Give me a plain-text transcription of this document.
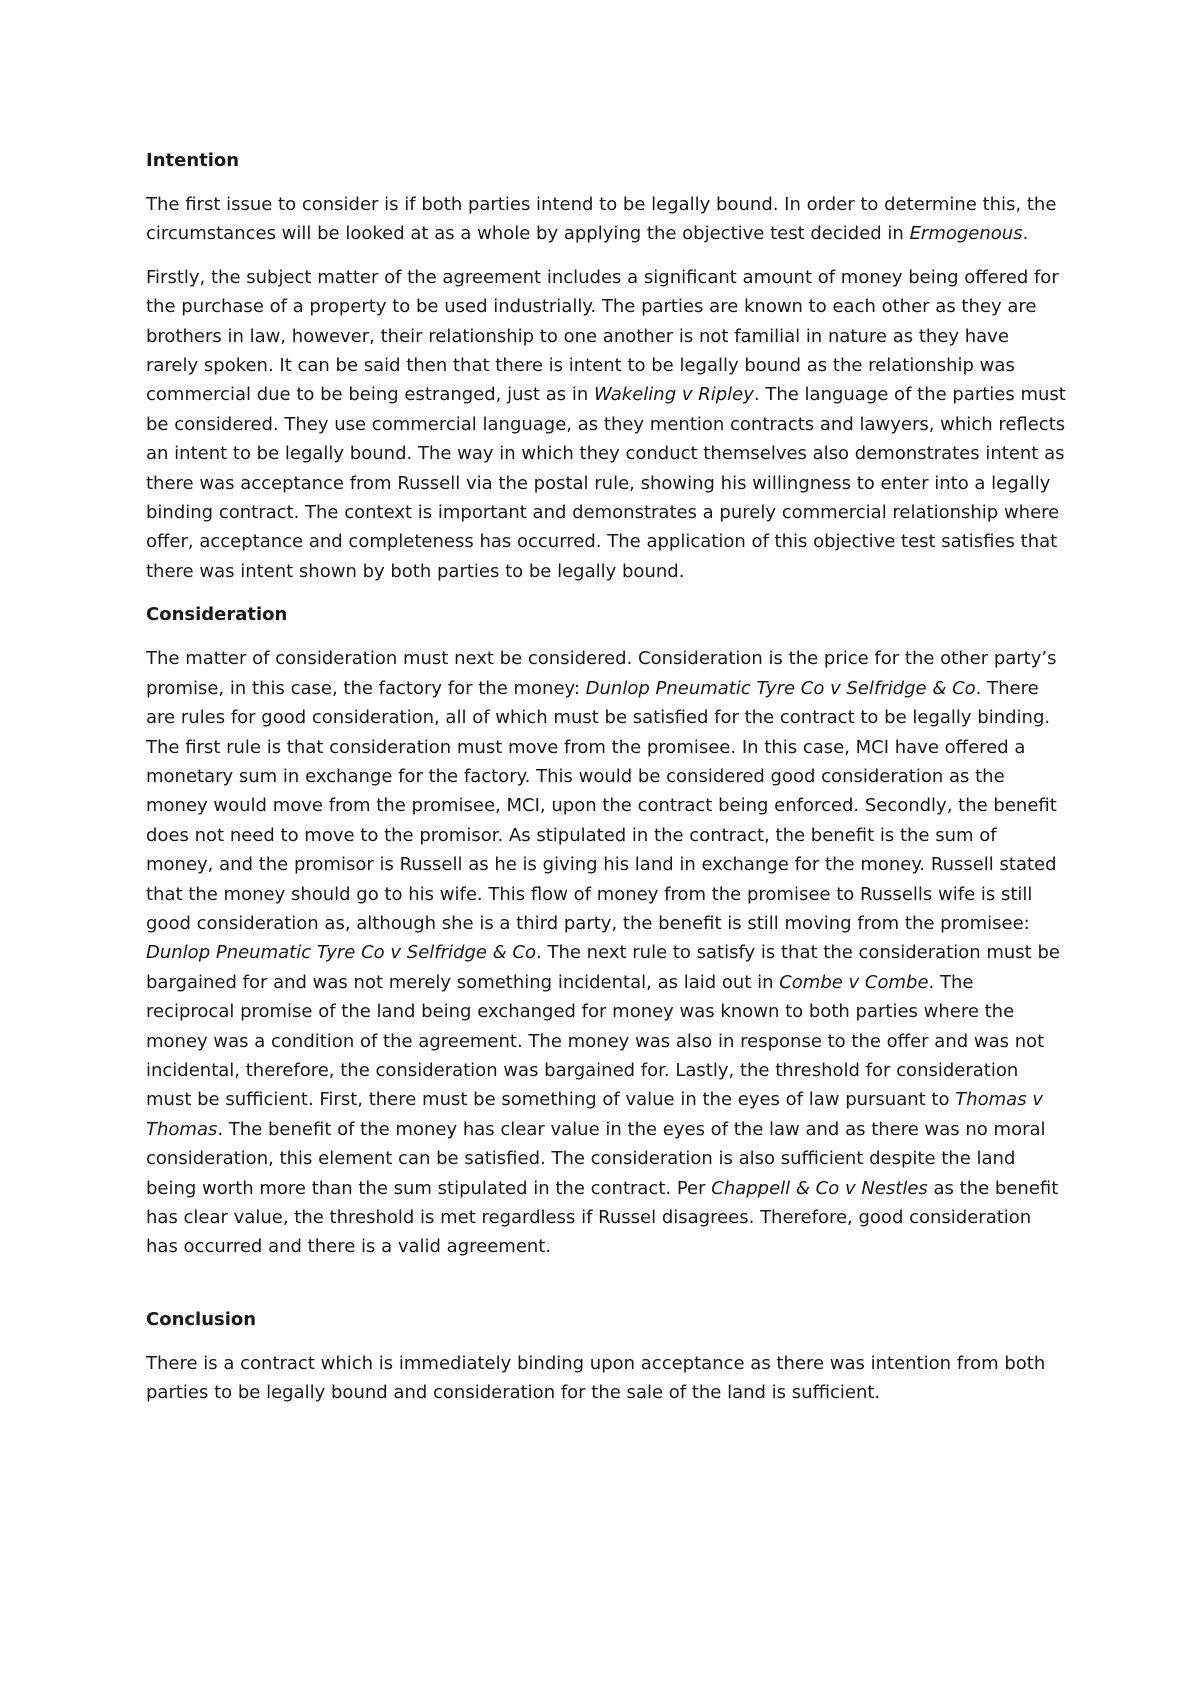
Intention

The first issue to consider is if both parties intend to be legally bound. In order to determine this, the circumstances will be looked at as a whole by applying the objective test decided in Ermogenous.

Firstly, the subject matter of the agreement includes a significant amount of money being offered for the purchase of a property to be used industrially. The parties are known to each other as they are brothers in law, however, their relationship to one another is not familial in nature as they have rarely spoken. It can be said then that there is intent to be legally bound as the relationship was commercial due to be being estranged, just as in Wakeling v Ripley. The language of the parties must be considered. They use commercial language, as they mention contracts and lawyers, which reflects an intent to be legally bound. The way in which they conduct themselves also demonstrates intent as there was acceptance from Russell via the postal rule, showing his willingness to enter into a legally binding contract. The context is important and demonstrates a purely commercial relationship where offer, acceptance and completeness has occurred. The application of this objective test satisfies that there was intent shown by both parties to be legally bound.

Consideration

The matter of consideration must next be considered. Consideration is the price for the other party’s promise, in this case, the factory for the money: Dunlop Pneumatic Tyre Co v Selfridge & Co. There are rules for good consideration, all of which must be satisfied for the contract to be legally binding. The first rule is that consideration must move from the promisee. In this case, MCI have offered a monetary sum in exchange for the factory. This would be considered good consideration as the money would move from the promisee, MCI, upon the contract being enforced. Secondly, the benefit does not need to move to the promisor. As stipulated in the contract, the benefit is the sum of money, and the promisor is Russell as he is giving his land in exchange for the money. Russell stated that the money should go to his wife. This flow of money from the promisee to Russells wife is still good consideration as, although she is a third party, the benefit is still moving from the promisee: Dunlop Pneumatic Tyre Co v Selfridge & Co. The next rule to satisfy is that the consideration must be bargained for and was not merely something incidental, as laid out in Combe v Combe. The reciprocal promise of the land being exchanged for money was known to both parties where the money was a condition of the agreement. The money was also in response to the offer and was not incidental, therefore, the consideration was bargained for. Lastly, the threshold for consideration must be sufficient. First, there must be something of value in the eyes of law pursuant to Thomas v Thomas. The benefit of the money has clear value in the eyes of the law and as there was no moral consideration, this element can be satisfied. The consideration is also sufficient despite the land being worth more than the sum stipulated in the contract. Per Chappell & Co v Nestles as the benefit has clear value, the threshold is met regardless if Russel disagrees. Therefore, good consideration has occurred and there is a valid agreement.

Conclusion

There is a contract which is immediately binding upon acceptance as there was intention from both parties to be legally bound and consideration for the sale of the land is sufficient.
